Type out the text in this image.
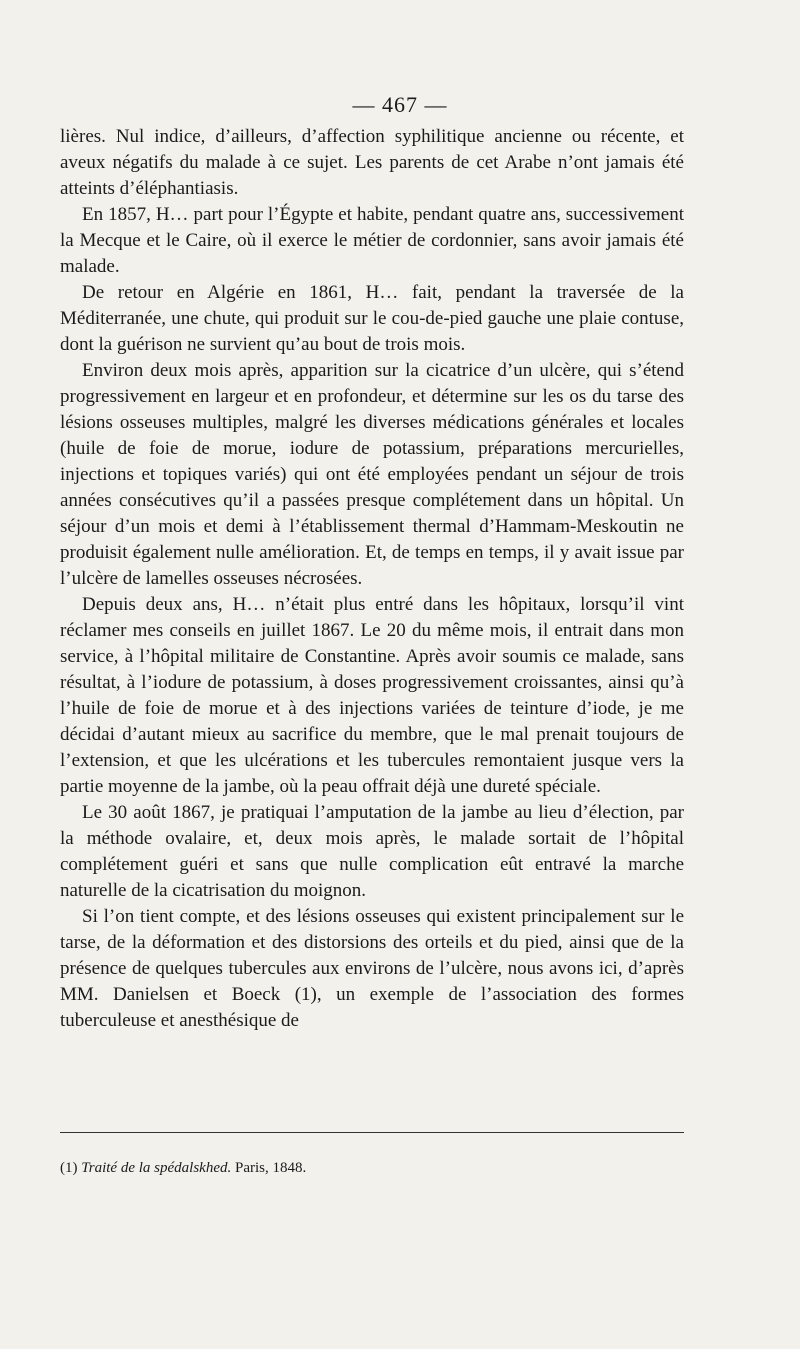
— 467 —

lières. Nul indice, d’ailleurs, d’affection syphilitique ancienne ou récente, et aveux négatifs du malade à ce sujet. Les parents de cet Arabe n’ont jamais été atteints d’éléphantiasis.

En 1857, H… part pour l’Égypte et habite, pendant quatre ans, successivement la Mecque et le Caire, où il exerce le métier de cordonnier, sans avoir jamais été malade.

De retour en Algérie en 1861, H… fait, pendant la traversée de la Méditerranée, une chute, qui produit sur le cou-de-pied gauche une plaie contuse, dont la guérison ne survient qu’au bout de trois mois.

Environ deux mois après, apparition sur la cicatrice d’un ulcère, qui s’étend progressivement en largeur et en profondeur, et détermine sur les os du tarse des lésions osseuses multiples, malgré les diverses médications générales et locales (huile de foie de morue, iodure de potassium, préparations mercurielles, injections et topiques variés) qui ont été employées pendant un séjour de trois années consécutives qu’il a passées presque complétement dans un hôpital. Un séjour d’un mois et demi à l’établissement thermal d’Hammam-Meskoutin ne produisit également nulle amélioration. Et, de temps en temps, il y avait issue par l’ulcère de lamelles osseuses nécrosées.

Depuis deux ans, H… n’était plus entré dans les hôpitaux, lorsqu’il vint réclamer mes conseils en juillet 1867. Le 20 du même mois, il entrait dans mon service, à l’hôpital militaire de Constantine. Après avoir soumis ce malade, sans résultat, à l’iodure de potassium, à doses progressivement croissantes, ainsi qu’à l’huile de foie de morue et à des injections variées de teinture d’iode, je me décidai d’autant mieux au sacrifice du membre, que le mal prenait toujours de l’extension, et que les ulcérations et les tubercules remontaient jusque vers la partie moyenne de la jambe, où la peau offrait déjà une dureté spéciale.

Le 30 août 1867, je pratiquai l’amputation de la jambe au lieu d’élection, par la méthode ovalaire, et, deux mois après, le malade sortait de l’hôpital complétement guéri et sans que nulle complication eût entravé la marche naturelle de la cicatrisation du moignon.

Si l’on tient compte, et des lésions osseuses qui existent principalement sur le tarse, de la déformation et des distorsions des orteils et du pied, ainsi que de la présence de quelques tubercules aux environs de l’ulcère, nous avons ici, d’après MM. Danielsen et Boeck (1), un exemple de l’association des formes tuberculeuse et anesthésique de

(1) Traité de la spédalskhed. Paris, 1848.
